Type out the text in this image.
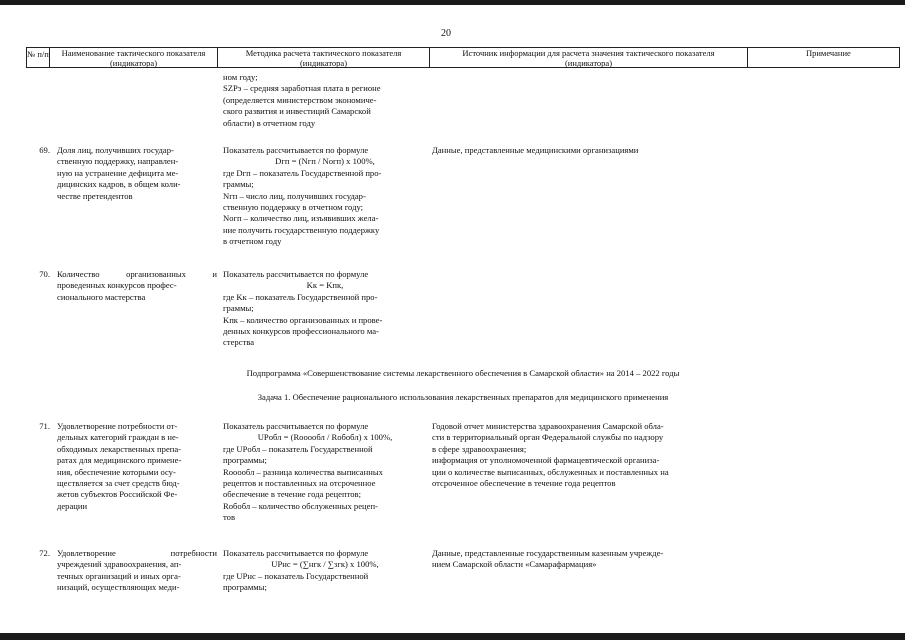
20
№ п/п	Наименование тактического показателя (индикатора)
Методика расчета тактического показателя (индикатора)
Источник информации для расчета значения тактического показателя (индикатора)
Примечание
ном году;
SZPэ – средняя заработная плата в регионе
(определяется министерством экономиче-
ского развития и инвестиций Самарской
области) в отчетном году
69. Доля лиц, получивших государ-
ственную поддержку, направлен-
ную на устранение дефицита ме-
дицинских кадров, в общем коли-
честве претендентов
Показатель рассчитывается по формуле
Dгп = (Nгп / Nогп) x 100%,
где Dгп – показатель Государственной про-
граммы;
Nгп – число лиц, получивших государ-
ственную поддержку в отчетном году;
Nогп – количество лиц, изъявивших жела-
ние получить государственную поддержку
в отчетном году
Данные, представленные медицинскими организациями
70. Количество организованных и
проведенных конкурсов профес-
сионального мастерства
Показатель рассчитывается по формуле
Kк = Kпк,
где Kк – показатель Государственной про-
граммы;
Kпк – количество организованных и прове-
денных конкурсов профессионального ма-
стерства
Подпрограмма «Совершенствование системы лекарственного обеспечения в Самарской области» на 2014 – 2022 годы
Задача 1. Обеспечение рационального использования лекарственных препаратов для медицинского применения
71. Удовлетворение потребности от-
дельных категорий граждан в не-
обходимых лекарственных препа-
ратах для медицинского примене-
ния, обеспечение которыми осу-
ществляется за счет средств бюд-
жетов субъектов Российской Фе-
дерации
Показатель рассчитывается по формуле
UPобл = (Rооообл / Rобобл) x 100%,
где UPобл – показатель Государственной
программы;
Rооообл – разница количества выписанных
рецептов и поставленных на отсроченное
обеспечение в течение года рецептов;
Rобобл – количество обслуженных рецеп-
тов
Годовой отчет министерства здравоохранения Самарской обла-
сти в территориальный орган Федеральной службы по надзору
в сфере здравоохранения;
информация от уполномоченной фармацевтической организа-
ции о количестве выписанных, обслуженных и поставленных на
отсроченное обеспечение в течение года рецептов
72. Удовлетворение потребности
учреждений здравоохранения, ап-
течных организаций и иных орга-
низаций, осуществляющих меди-
Показатель рассчитывается по формуле
UPнс = (∑нгк / ∑згк) x 100%,
где UPнс – показатель Государственной
программы;
Данные, представленные государственным казенным учрежде-
нием Самарской области «Самарафармация»
